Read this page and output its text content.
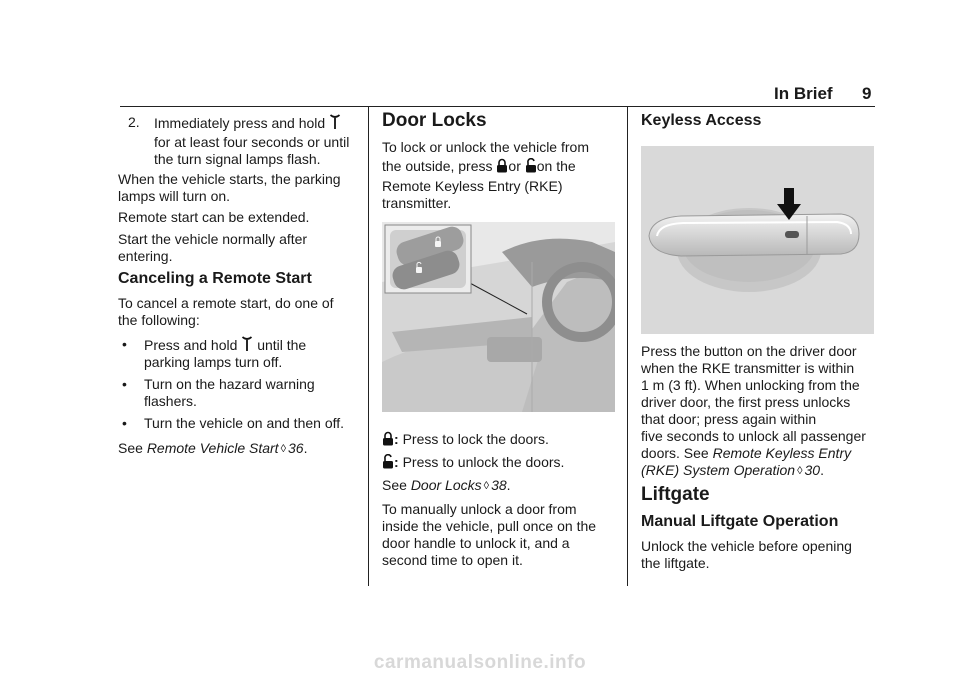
In Brief 9
2. Immediately press and hold

for at least four seconds or until

the turn signal lamps flash.

When the vehicle starts, the parking

lamps will turn on.

Remote start can be extended.

Start the vehicle normally after

entering.

Canceling a Remote Start

To cancel a remote start, do one of

the following:

• Press and hold until the

parking lamps turn off.

• Turn on the hazard warning

flashers.

• Turn the vehicle on and then off.

See Remote Vehicle Start ◊ 36.

Door Locks

To lock or unlock the vehicle from

the outside, press or on the

Remote Keyless Entry (RKE)

transmitter.

: Press to lock the doors.

: Press to unlock the doors.

See Door Locks ◊ 38.

To manually unlock a door from

inside the vehicle, pull once on the

door handle to unlock it, and a

second time to open it.

Keyless Access

Press the button on the driver door

when the RKE transmitter is within

1 m (3 ft). When unlocking from the

driver door, the first press unlocks

that door; press again within

five seconds to unlock all passenger

doors. See Remote Keyless Entry

(RKE) System Operation ◊ 30.

Liftgate

Manual Liftgate Operation

Unlock the vehicle before opening

the liftgate.

carmanualsonline.info
